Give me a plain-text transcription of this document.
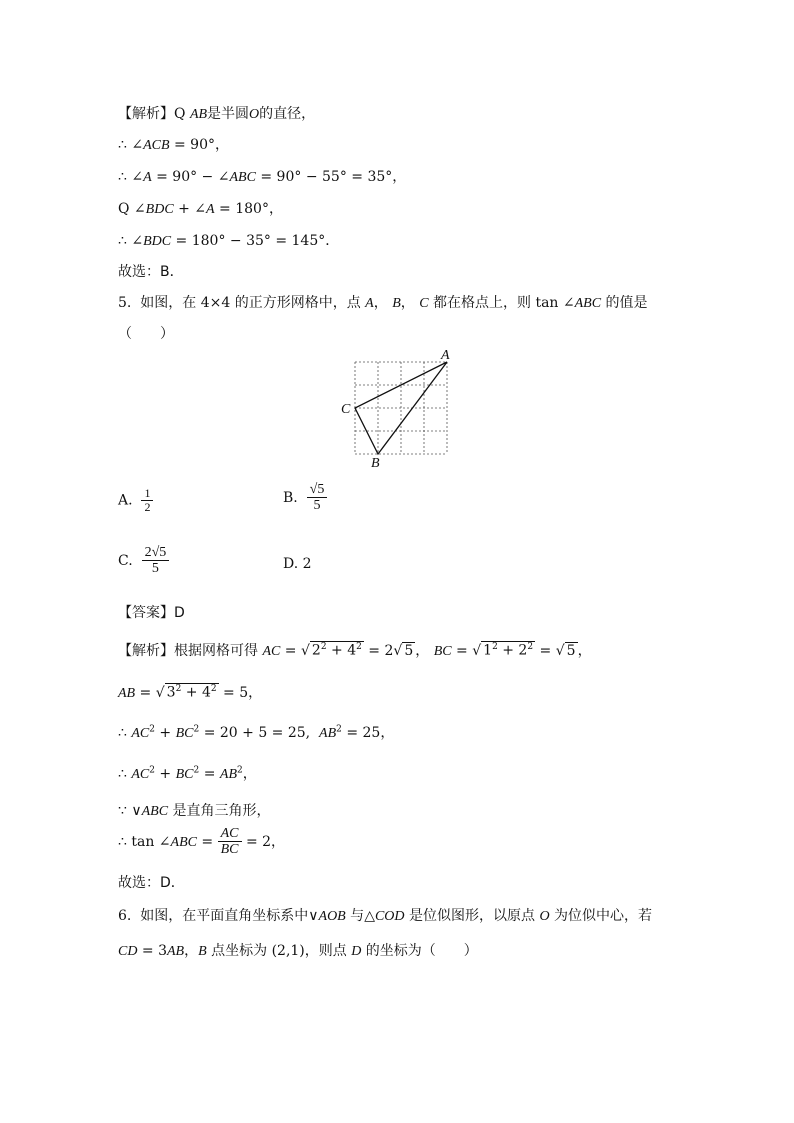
【解析】Q AB是半圆O的直径，
∴ ∠ACB = 90°，
∴ ∠A = 90° − ∠ABC = 90° − 55° = 35°，
Q ∠BDC + ∠A = 180°，
∴ ∠BDC = 180° − 35° = 145°．
故选：B．
5.  如图，在 4×4 的正方形网格中，点 A， B， C 都在格点上，则 tan ∠ABC 的值是
（　　）
A
C
B
A. $\frac{1}{2}$	B. $\frac{√5}{5}$
C. $\frac{2√5}{5}$	D. 2
【答案】D
【解析】根据网格可得 AC = √ $2^2 + 4^2 = 2√$ 5 ， BC = √ $1^2 + 2^2$ = √ 5 ，
AB = √ $3^2 + 4^2 = 5$，
∴ $AC^2 + BC^2 = 20 + 5 = 25$,  $AB^2 = 25$，
∴ $AC^2 + BC^2 = AB^2$，
∵ ∨ABC 是直角三角形，
∴ tan ∠ABC = $\frac{AC}{BC} = 2$，
故选：D．
6.  如图，在平面直角坐标系中∨AOB 与△COD 是位似图形，以原点 O 为位似中心，若
CD = 3AB，B 点坐标为 (2,1)，则点 D 的坐标为（　　）
